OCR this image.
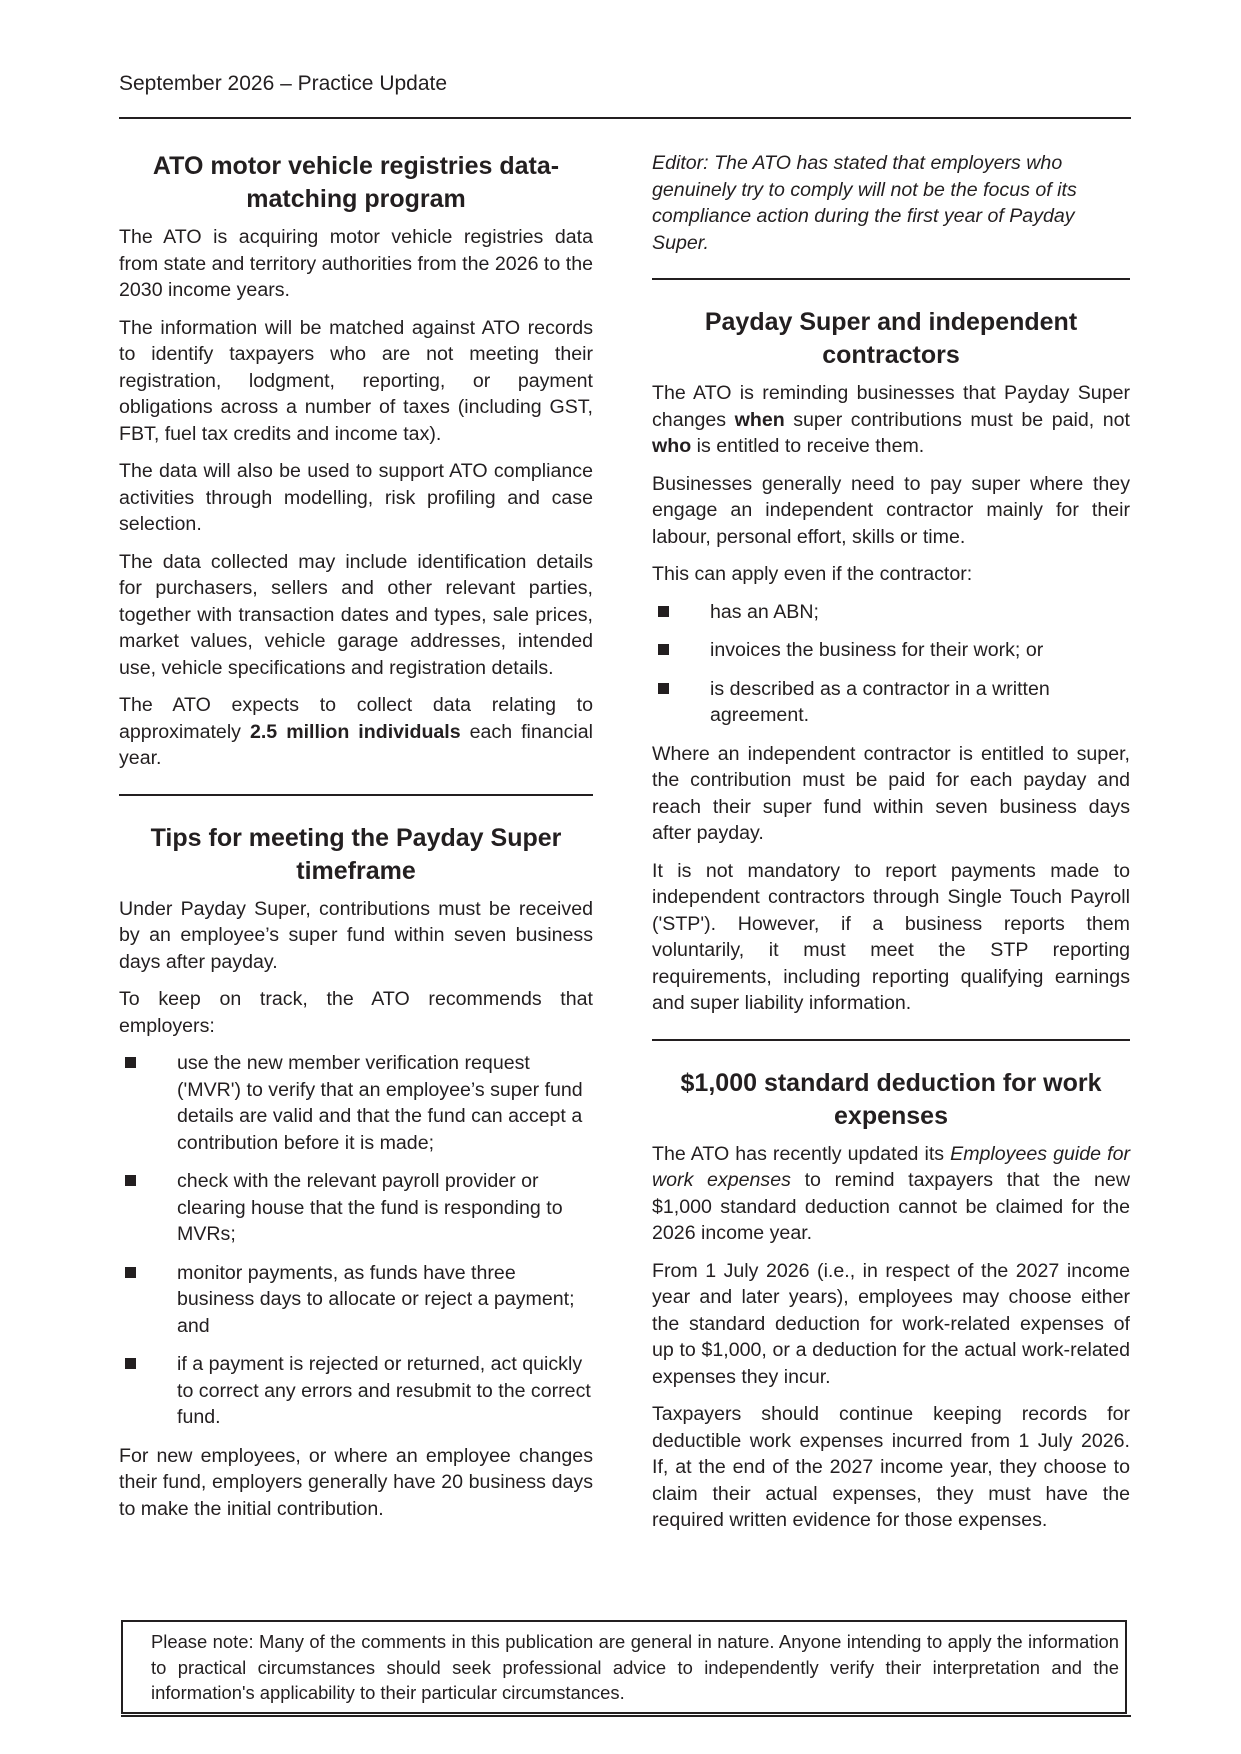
September 2026 – Practice Update
ATO motor vehicle registries data-matching program

The ATO is acquiring motor vehicle registries data from state and territory authorities from the 2026 to the 2030 income years.

The information will be matched against ATO records to identify taxpayers who are not meeting their registration, lodgment, reporting, or payment obligations across a number of taxes (including GST, FBT, fuel tax credits and income tax).

The data will also be used to support ATO compliance activities through modelling, risk profiling and case selection.

The data collected may include identification details for purchasers, sellers and other relevant parties, together with transaction dates and types, sale prices, market values, vehicle garage addresses, intended use, vehicle specifications and registration details.

The ATO expects to collect data relating to approximately 2.5 million individuals each financial year.

Tips for meeting the Payday Super timeframe

Under Payday Super, contributions must be received by an employee’s super fund within seven business days after payday.

To keep on track, the ATO recommends that employers:

use the new member verification request ('MVR') to verify that an employee’s super fund details are valid and that the fund can accept a contribution before it is made;
check with the relevant payroll provider or clearing house that the fund is responding to MVRs;
monitor payments, as funds have three business days to allocate or reject a payment; and
if a payment is rejected or returned, act quickly to correct any errors and resubmit to the correct fund.

For new employees, or where an employee changes their fund, employers generally have 20 business days to make the initial contribution.

Editor: The ATO has stated that employers who genuinely try to comply will not be the focus of its compliance action during the first year of Payday Super.

Payday Super and independent contractors

The ATO is reminding businesses that Payday Super changes when super contributions must be paid, not who is entitled to receive them.

Businesses generally need to pay super where they engage an independent contractor mainly for their labour, personal effort, skills or time.

This can apply even if the contractor:

has an ABN;
invoices the business for their work; or
is described as a contractor in a written agreement.

Where an independent contractor is entitled to super, the contribution must be paid for each payday and reach their super fund within seven business days after payday.

It is not mandatory to report payments made to independent contractors through Single Touch Payroll ('STP'). However, if a business reports them voluntarily, it must meet the STP reporting requirements, including reporting qualifying earnings and super liability information.

$1,000 standard deduction for work expenses

The ATO has recently updated its Employees guide for work expenses to remind taxpayers that the new $1,000 standard deduction cannot be claimed for the 2026 income year.

From 1 July 2026 (i.e., in respect of the 2027 income year and later years), employees may choose either the standard deduction for work-related expenses of up to $1,000, or a deduction for the actual work-related expenses they incur.

Taxpayers should continue keeping records for deductible work expenses incurred from 1 July 2026. If, at the end of the 2027 income year, they choose to claim their actual expenses, they must have the required written evidence for those expenses.

Please note: Many of the comments in this publication are general in nature. Anyone intending to apply the information to practical circumstances should seek professional advice to independently verify their interpretation and the information's applicability to their particular circumstances.
